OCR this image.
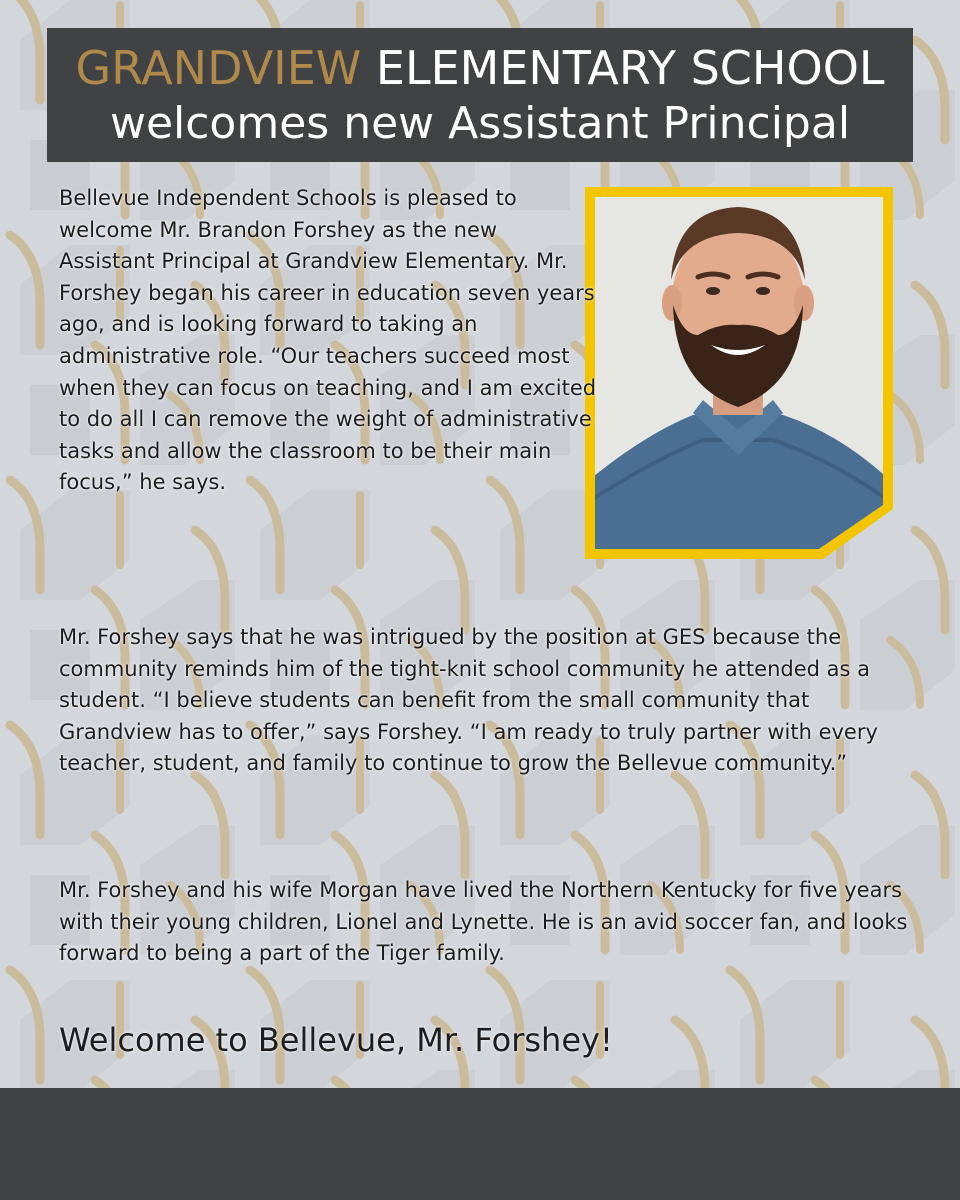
GRANDVIEW ELEMENTARY SCHOOL
welcomes new Assistant Principal
Bellevue Independent Schools is pleased to welcome Mr. Brandon Forshey as the new Assistant Principal at Grandview Elementary. Mr. Forshey began his career in education seven years ago, and is looking forward to taking an administrative role. “Our teachers succeed most when they can focus on teaching, and I am excited to do all I can remove the weight of administrative tasks and allow the classroom to be their main focus,” he says.
Mr. Forshey says that he was intrigued by the position at GES because the community reminds him of the tight-knit school community he attended as a student. “I believe students can benefit from the small community that Grandview has to offer,” says Forshey. “I am ready to truly partner with every teacher, student, and family to continue to grow the Bellevue community.”
Mr. Forshey and his wife Morgan have lived the Northern Kentucky for five years with their young children, Lionel and Lynette. He is an avid soccer fan, and looks forward to being a part of the Tiger family.
Welcome to Bellevue, Mr. Forshey!
